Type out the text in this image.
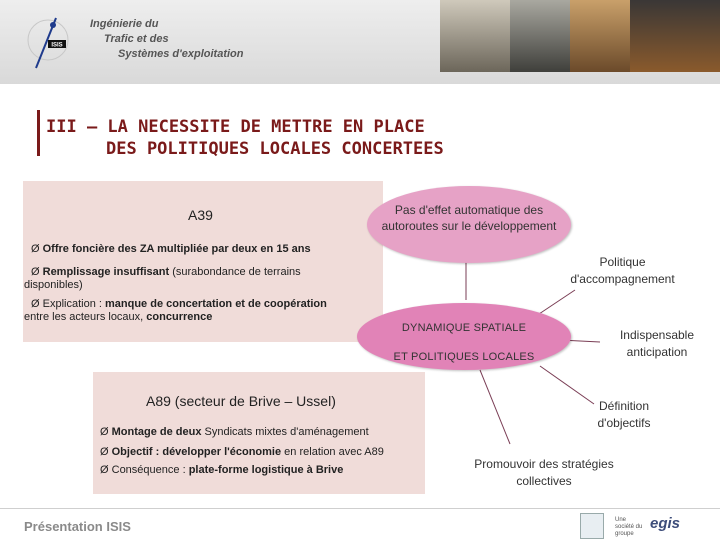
ISIS
Ingénierie du
Trafic et des
Systèmes d'exploitation
III – LA NECESSITE DE METTRE EN PLACE
DES POLITIQUES LOCALES CONCERTEES
A39
Ø Offre foncière des ZA multipliée par deux en 15 ans
Ø Remplissage insuffisant (surabondance de terrains
disponibles)
Ø Explication : manque de concertation et de coopération
entre les acteurs locaux, concurrence
A89 (secteur de Brive – Ussel)
Ø Montage de deux Syndicats mixtes d'aménagement
Ø Objectif : développer l'économie en relation avec A89
Ø Conséquence : plate-forme logistique à Brive
Pas d'effet automatique des autoroutes sur le développement
DYNAMIQUE SPATIALE
ET POLITIQUES LOCALES
Politique d'accompagnement
Indispensable anticipation
Définition d'objectifs
Promouvoir des stratégies collectives
Présentation ISIS	Une société du groupe
egis
